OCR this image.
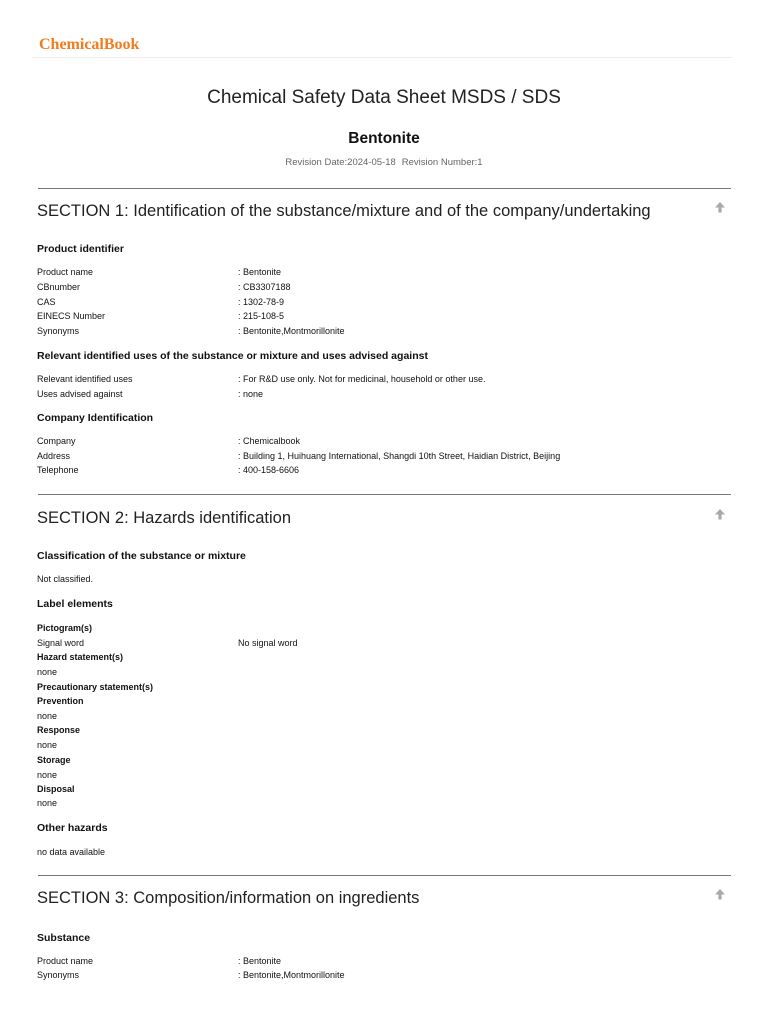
ChemicalBook
Chemical Safety Data Sheet MSDS / SDS
Bentonite
Revision Date:2024-05-18 Revision Number:1
SECTION 1: Identification of the substance/mixture and of the company/undertaking
Product identifier
Product name	: Bentonite
CBnumber	: CB3307188
CAS	: 1302-78-9
EINECS Number	: 215-108-5
Synonyms	: Bentonite,Montmorillonite
Relevant identified uses of the substance or mixture and uses advised against
Relevant identified uses	: For R&D use only. Not for medicinal, household or other use.
Uses advised against	: none
Company Identification
Company	: Chemicalbook
Address	: Building 1, Huihuang International, Shangdi 10th Street, Haidian District, Beijing
Telephone	: 400-158-6606
SECTION 2: Hazards identification
Classification of the substance or mixture
Not classified.
Label elements
Pictogram(s)
Signal word	No signal word
Hazard statement(s)
none
Precautionary statement(s)
Prevention
none
Response
none
Storage
none
Disposal
none
Other hazards
no data available
SECTION 3: Composition/information on ingredients
Substance
Product name	: Bentonite
Synonyms	: Bentonite,Montmorillonite
